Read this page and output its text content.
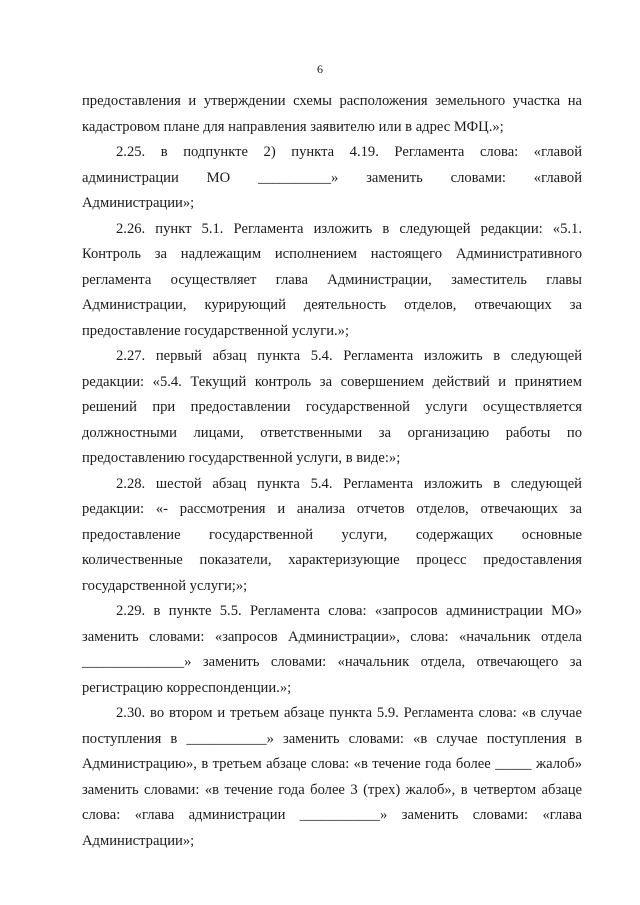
6
предоставления и утверждении схемы расположения земельного участка на
кадастровом плане для направления заявителю или в адрес МФЦ.»;
2.25. в подпункте 2) пункта 4.19. Регламента слова: «главой
администрации МО __________» заменить словами: «главой
Администрации»;
2.26. пункт 5.1. Регламента изложить в следующей редакции: «5.1.
Контроль за надлежащим исполнением настоящего Административного
регламента осуществляет глава Администрации, заместитель главы
Администрации, курирующий деятельность отделов, отвечающих за
предоставление государственной услуги.»;
2.27. первый абзац пункта 5.4. Регламента изложить в следующей
редакции: «5.4. Текущий контроль за совершением действий и принятием
решений при предоставлении государственной услуги осуществляется
должностными лицами, ответственными за организацию работы по
предоставлению государственной услуги, в виде:»;
2.28. шестой абзац пункта 5.4. Регламента изложить в следующей
редакции: «- рассмотрения и анализа отчетов отделов, отвечающих за
предоставление государственной услуги, содержащих основные
количественные показатели, характеризующие процесс предоставления
государственной услуги;»;
2.29. в пункте 5.5. Регламента слова: «запросов администрации МО»
заменить словами: «запросов Администрации», слова: «начальник отдела
______________» заменить словами: «начальник отдела, отвечающего за
регистрацию корреспонденции.»;
2.30. во втором и третьем абзаце пункта 5.9. Регламента слова: «в случае
поступления в ___________» заменить словами: «в случае поступления в
Администрацию», в третьем абзаце слова: «в течение года более _____ жалоб»
заменить словами: «в течение года более 3 (трех) жалоб», в четвертом абзаце
слова: «глава администрации ___________» заменить словами: «глава
Администрации»;
